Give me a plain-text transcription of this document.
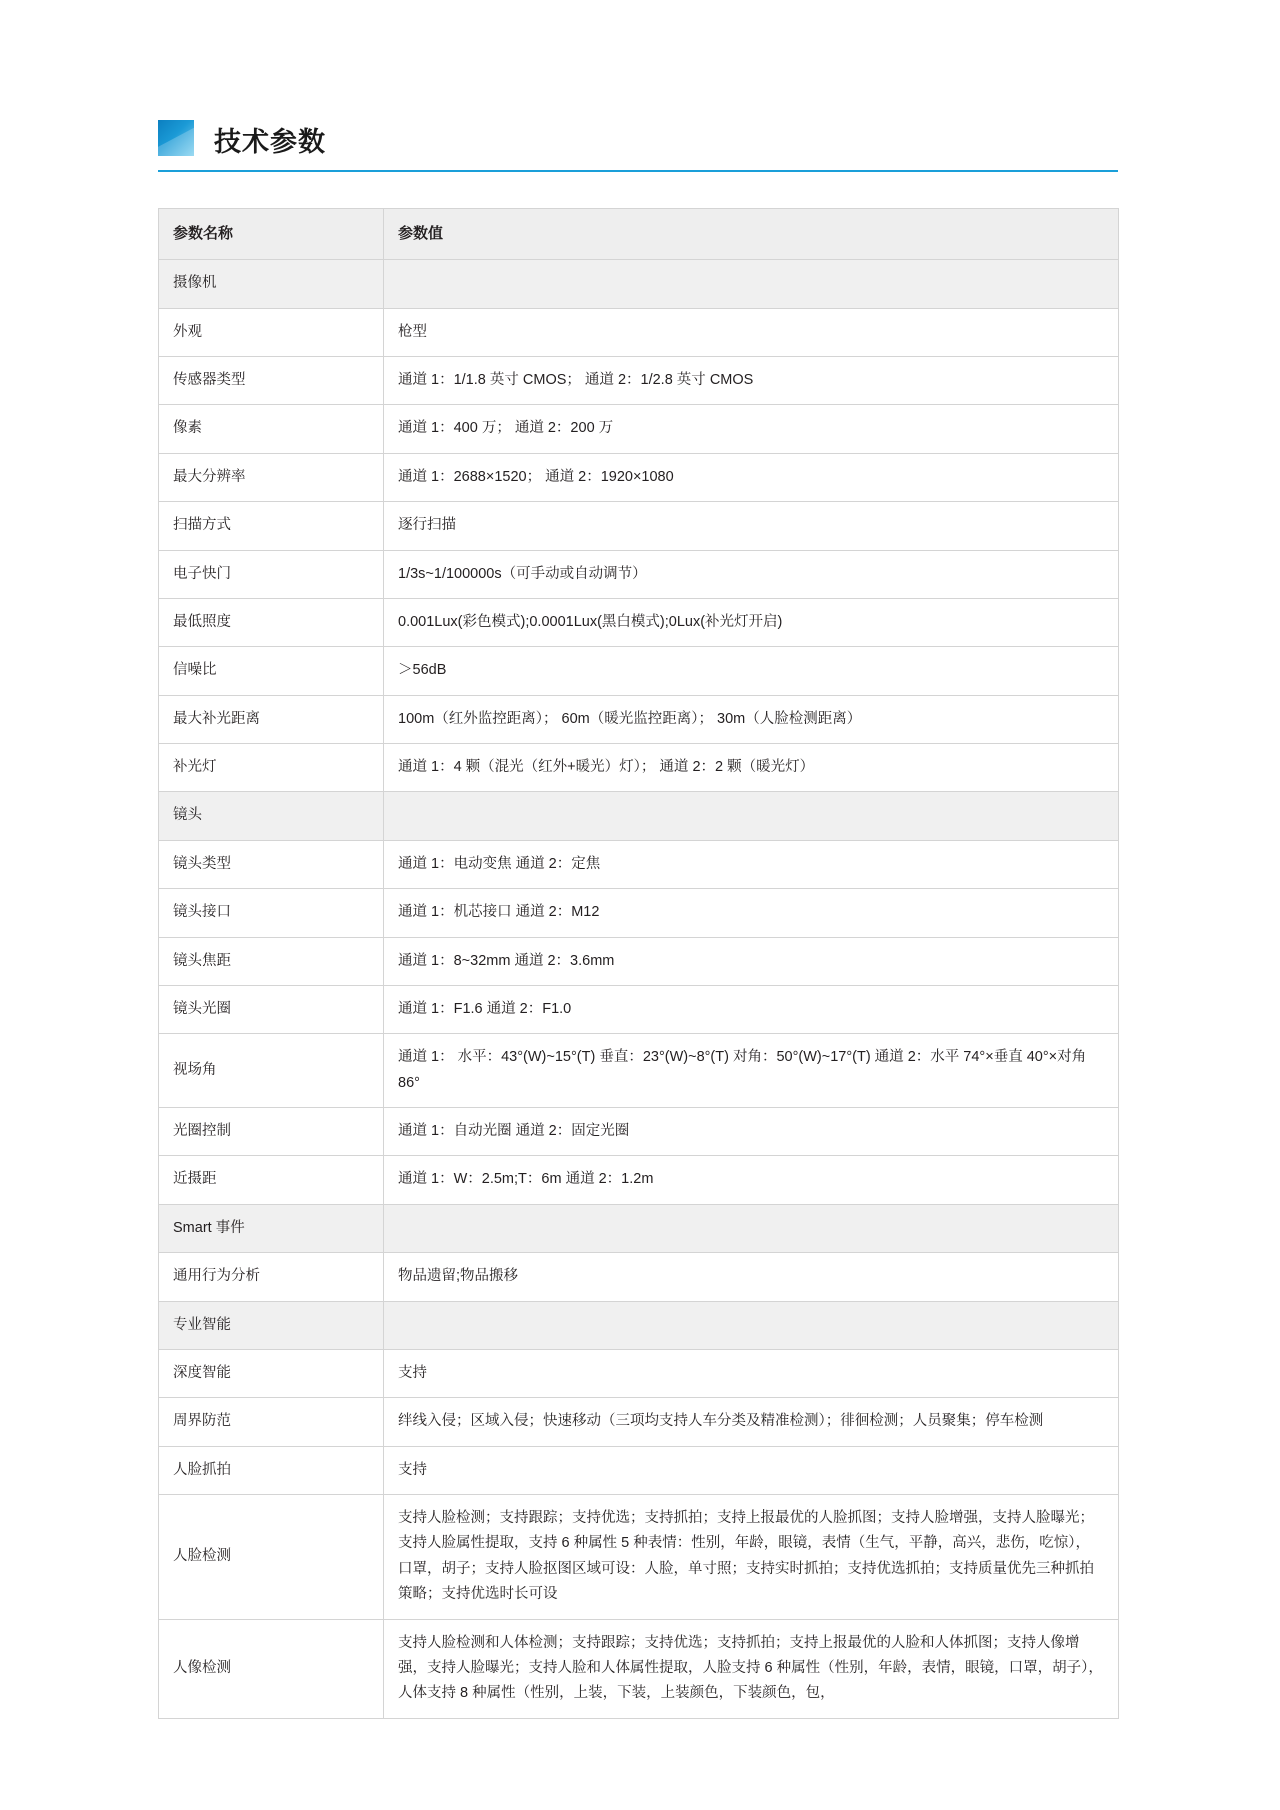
技术参数
参数名称	参数值
摄像机	
外观	枪型
传感器类型	通道 1：1/1.8 英寸 CMOS； 通道 2：1/2.8 英寸 CMOS
像素	通道 1：400 万； 通道 2：200 万
最大分辨率	通道 1：2688×1520； 通道 2：1920×1080
扫描方式	逐行扫描
电子快门	1/3s~1/100000s（可手动或自动调节）
最低照度	0.001Lux(彩色模式);0.0001Lux(黑白模式);0Lux(补光灯开启)
信噪比	＞56dB
最大补光距离	100m（红外监控距离）； 60m（暖光监控距离）； 30m（人脸检测距离）
补光灯	通道 1：4 颗（混光（红外+暖光）灯）； 通道 2：2 颗（暖光灯）
镜头	
镜头类型	通道 1：电动变焦 通道 2：定焦
镜头接口	通道 1：机芯接口 通道 2：M12
镜头焦距	通道 1：8~32mm 通道 2：3.6mm
镜头光圈	通道 1：F1.6 通道 2：F1.0
视场角	通道 1： 水平：43°(W)~15°(T) 垂直：23°(W)~8°(T) 对角：50°(W)~17°(T) 通道 2：水平 74°×垂直 40°×对角 86°
光圈控制	通道 1：自动光圈 通道 2：固定光圈
近摄距	通道 1：W：2.5m;T：6m 通道 2：1.2m
Smart 事件	
通用行为分析	物品遗留;物品搬移
专业智能	
深度智能	支持
周界防范	绊线入侵；区域入侵；快速移动（三项均支持人车分类及精准检测）；徘徊检测；人员聚集；停车检测
人脸抓拍	支持
人脸检测	支持人脸检测；支持跟踪；支持优选；支持抓拍；支持上报最优的人脸抓图；支持人脸增强，支持人脸曝光；支持人脸属性提取，支持 6 种属性 5 种表情：性别，年龄，眼镜，表情（生气，平静，高兴，悲伤，吃惊），口罩，胡子；支持人脸抠图区域可设：人脸，单寸照；支持实时抓拍；支持优选抓拍；支持质量优先三种抓拍策略；支持优选时长可设
人像检测	支持人脸检测和人体检测；支持跟踪；支持优选；支持抓拍；支持上报最优的人脸和人体抓图；支持人像增强，支持人脸曝光；支持人脸和人体属性提取，人脸支持 6 种属性（性别，年龄，表情，眼镜，口罩，胡子），人体支持 8 种属性（性别，上装，下装，上装颜色，下装颜色，包，
